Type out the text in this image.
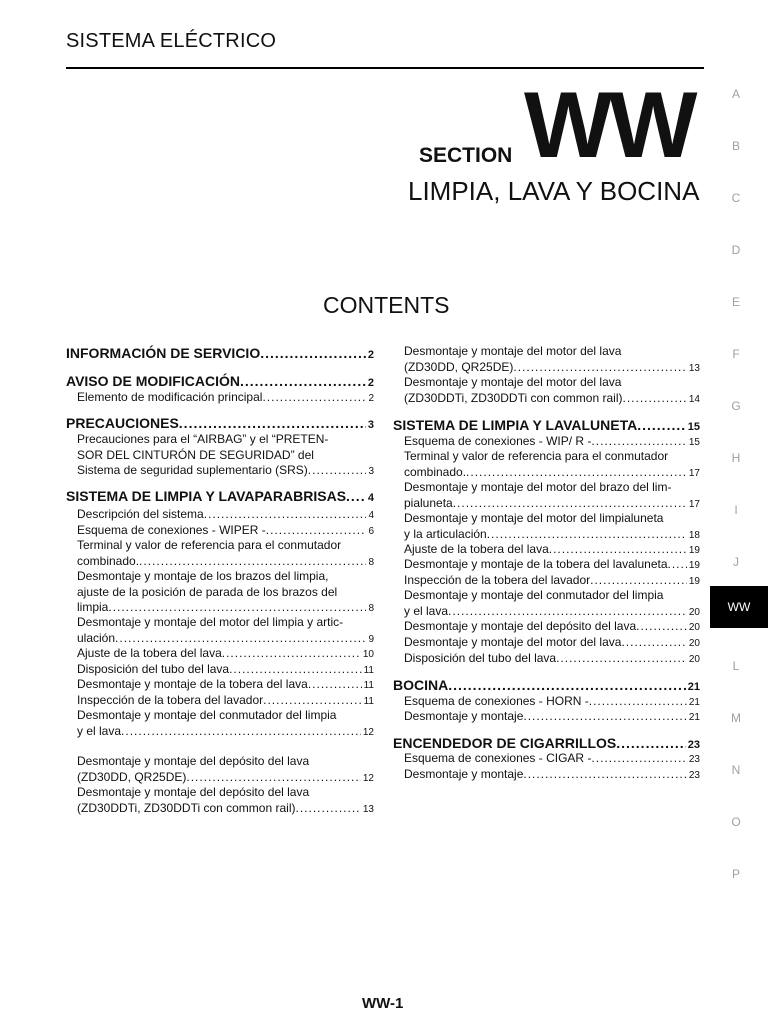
SISTEMA ELÉCTRICO
SECTION WW
LIMPIA, LAVA Y BOCINA
CONTENTS
INFORMACIÓN DE SERVICIO .....	2
AVISO DE MODIFICACIÓN .....	2
Elemento de modificación principal .....	2
PRECAUCIONES .....	3
Precauciones para el “AIRBAG” y el “PRETEN-
SOR DEL CINTURÓN DE SEGURIDAD” del
Sistema de seguridad suplementario (SRS) .....	3
SISTEMA DE LIMPIA Y LAVAPARABRISAS ..... 4
Descripción del sistema .....	4
Esquema de conexiones - WIPER - .....	6
Terminal y valor de referencia para el conmutador
combinado. .....	8
Desmontaje y montaje de los brazos del limpia,
ajuste de la posición de parada de los brazos del
limpia .....	8
Desmontaje y montaje del motor del limpia y artic-
ulación .....	9
Ajuste de la tobera del lava .....	10
Disposición del tubo del lava .....	11
Desmontaje y montaje de la tobera del lava .....	11
Inspección de la tobera del lavador .....	11
Desmontaje y montaje del conmutador del limpia
y el lava .....	12
Desmontaje y montaje del depósito del lava
(ZD30DD, QR25DE) .....	12
Desmontaje y montaje del depósito del lava
(ZD30DDTi, ZD30DDTi con common rail) .....	13
Desmontaje y montaje del motor del lava
(ZD30DD, QR25DE) .....	13
Desmontaje y montaje del motor del lava
(ZD30DDTi, ZD30DDTi con common rail) .....	14
SISTEMA DE LIMPIA Y LAVALUNETA .....	15
Esquema de conexiones - WIP/ R - .....	15
Terminal y valor de referencia para el conmutador
combinado. .....	17
Desmontaje y montaje del motor del brazo del lim-
pialuneta .....	17
Desmontaje y montaje del motor del limpialuneta
y la articulación .....	18
Ajuste de la tobera del lava .....	19
Desmontaje y montaje de la tobera del lavaluneta ..... 19
Inspección de la tobera del lavador .....	19
Desmontaje y montaje del conmutador del limpia
y el lava .....	20
Desmontaje y montaje del depósito del lava .....	20
Desmontaje y montaje del motor del lava .....	20
Disposición del tubo del lava .....	20
BOCINA .....	21
Esquema de conexiones - HORN - .....	21
Desmontaje y montaje .....	21
ENCENDEDOR DE CIGARRILLOS .....	23
Esquema de conexiones - CIGAR - .....	23
Desmontaje y montaje .....	23
A
B
C
D
E
F
G
H
I
J
WW
L
M
N
O
P
WW-1
